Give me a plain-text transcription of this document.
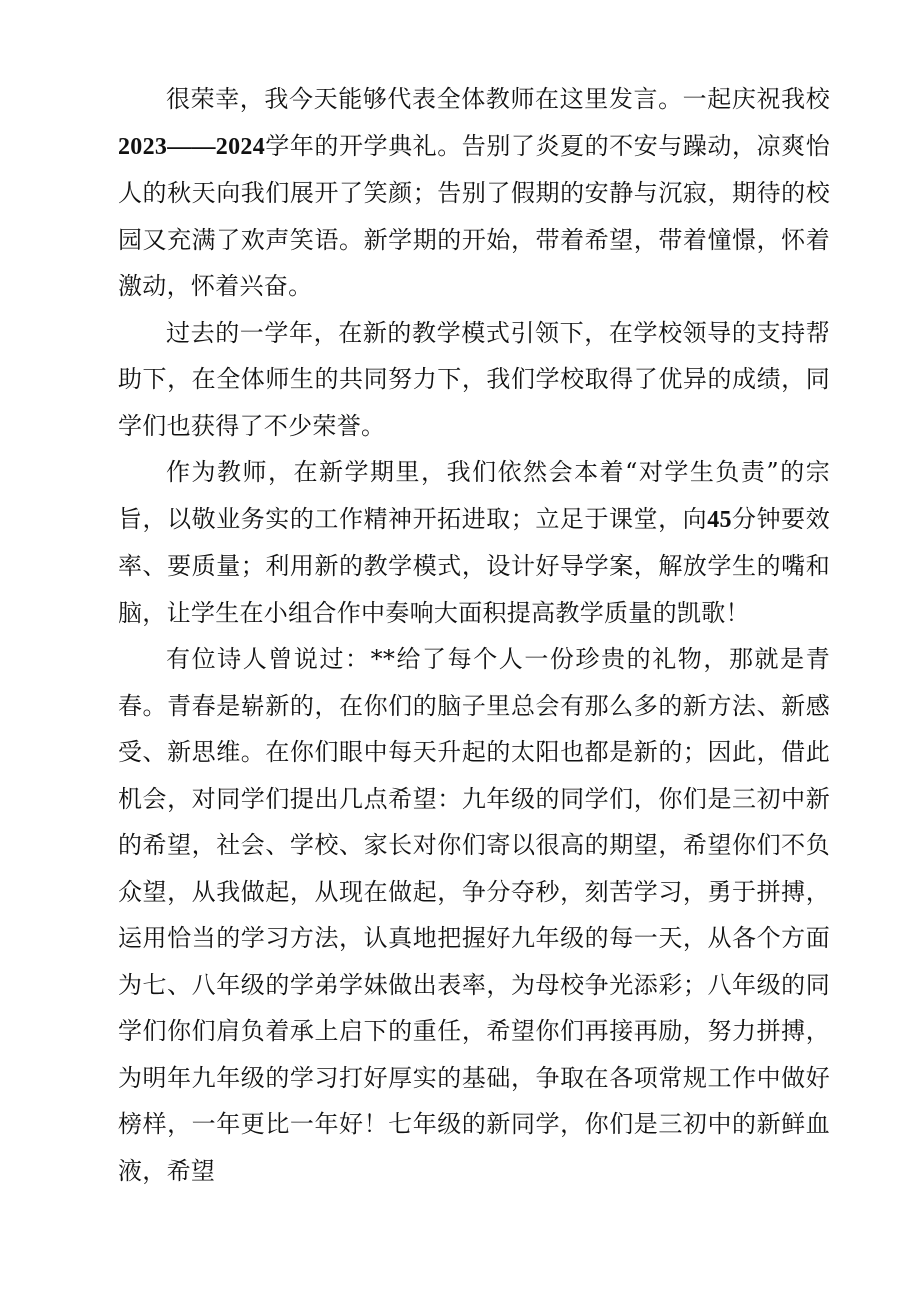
很荣幸，我今天能够代表全体教师在这里发言。一起庆祝我校2023——2024学年的开学典礼。告别了炎夏的不安与躁动，凉爽怡人的秋天向我们展开了笑颜；告别了假期的安静与沉寂，期待的校园又充满了欢声笑语。新学期的开始，带着希望，带着憧憬，怀着激动，怀着兴奋。

过去的一学年，在新的教学模式引领下，在学校领导的支持帮助下，在全体师生的共同努力下，我们学校取得了优异的成绩，同学们也获得了不少荣誉。

作为教师，在新学期里，我们依然会本着“对学生负责”的宗旨，以敬业务实的工作精神开拓进取；立足于课堂，向45分钟要效率、要质量；利用新的教学模式，设计好导学案，解放学生的嘴和脑，让学生在小组合作中奏响大面积提高教学质量的凯歌！

有位诗人曾说过：**给了每个人一份珍贵的礼物，那就是青春。青春是崭新的，在你们的脑子里总会有那么多的新方法、新感受、新思维。在你们眼中每天升起的太阳也都是新的；因此，借此机会，对同学们提出几点希望：九年级的同学们，你们是三初中新的希望，社会、学校、家长对你们寄以很高的期望，希望你们不负众望，从我做起，从现在做起，争分夺秒，刻苦学习，勇于拼搏，运用恰当的学习方法，认真地把握好九年级的每一天，从各个方面为七、八年级的学弟学妹做出表率，为母校争光添彩；八年级的同学们你们肩负着承上启下的重任，希望你们再接再励，努力拼搏，为明年九年级的学习打好厚实的基础，争取在各项常规工作中做好榜样，一年更比一年好！七年级的新同学，你们是三初中的新鲜血液，希望
